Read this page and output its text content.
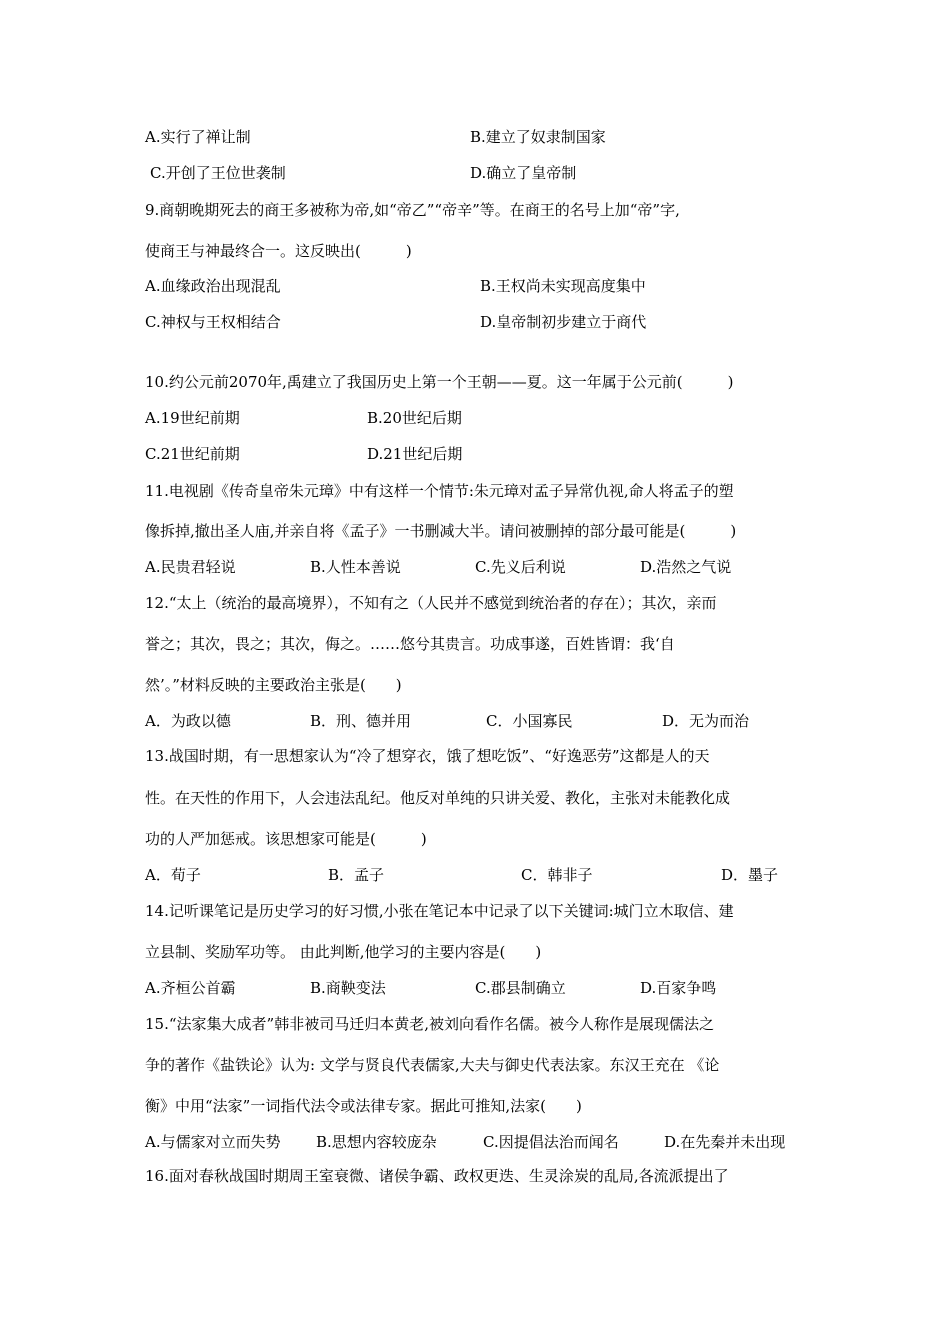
A.实行了禅让制	B.建立了奴隶制国家
C.开创了王位世袭制	D.确立了皇帝制
9.商朝晚期死去的商王多被称为帝,如“帝乙”“帝辛”等。在商王的名号上加“帝”字,
使商王与神最终合一。这反映出(　　　)
A.血缘政治出现混乱	B.王权尚未实现高度集中
C.神权与王权相结合	D.皇帝制初步建立于商代
10.约公元前2070年,禹建立了我国历史上第一个王朝——夏。这一年属于公元前(　　　)
A.19世纪前期	B.20世纪后期
C.21世纪前期	D.21世纪后期
11.电视剧《传奇皇帝朱元璋》中有这样一个情节:朱元璋对孟子异常仇视,命人将孟子的塑
像拆掉,撤出圣人庙,并亲自将《孟子》一书删减大半。请问被删掉的部分最可能是(　　　)
A.民贵君轻说	B.人性本善说	C.先义后利说	D.浩然之气说
12.“太上（统治的最高境界），不知有之（人民并不感觉到统治者的存在）；其次，亲而
誉之；其次，畏之；其次，侮之。……悠兮其贵言。功成事遂，百姓皆谓：我‘自
然’。”材料反映的主要政治主张是(　　)
A．为政以德	B．刑、德并用	C．小国寡民	D．无为而治
13.战国时期，有一思想家认为“冷了想穿衣，饿了想吃饭”、“好逸恶劳”这都是人的天
性。在天性的作用下，人会违法乱纪。他反对单纯的只讲关爱、教化，主张对未能教化成
功的人严加惩戒。该思想家可能是(　　　)
A．荀子	B．孟子	C．韩非子	D．墨子
14.记听课笔记是历史学习的好习惯,小张在笔记本中记录了以下关键词:城门立木取信、建
立县制、奖励军功等。 由此判断,他学习的主要内容是(　　)
A.齐桓公首霸	B.商鞅变法	C.郡县制确立	D.百家争鸣
15.“法家集大成者”韩非被司马迁归本黄老,被刘向看作名儒。被今人称作是展现儒法之
争的著作《盐铁论》认为: 文学与贤良代表儒家,大夫与御史代表法家。东汉王充在 《论
衡》中用“法家”一词指代法令或法律专家。据此可推知,法家(　　)
A.与儒家对立而失势 B.思想内容较庞杂	C.因提倡法治而闻名	D.在先秦并未出现
16.面对春秋战国时期周王室衰微、诸侯争霸、政权更迭、生灵涂炭的乱局,各流派提出了
